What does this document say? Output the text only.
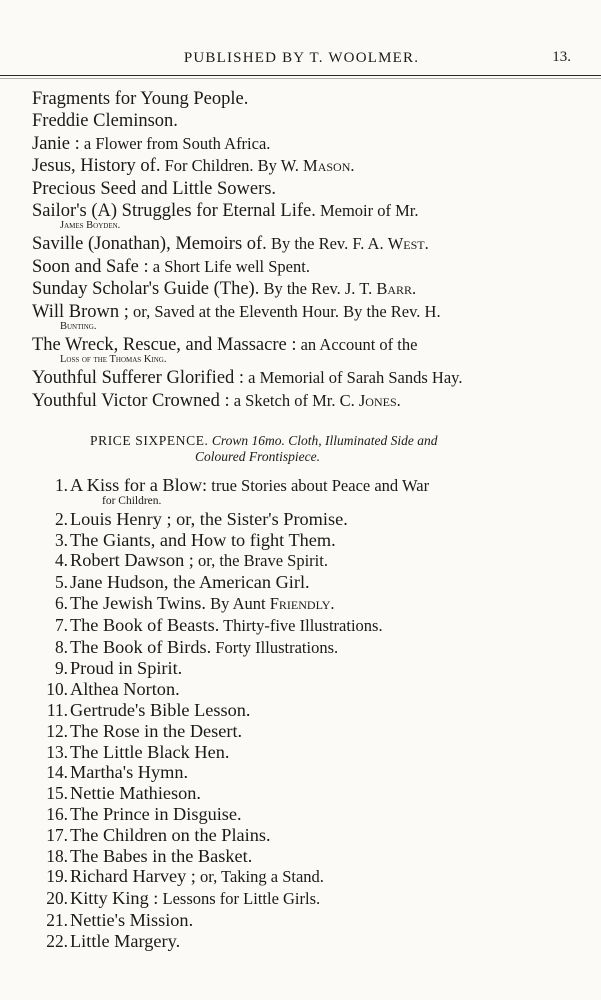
PUBLISHED BY T. WOOLMER.	13.
Fragments for Young People.
Freddie Cleminson.
Janie : a Flower from South Africa.
Jesus, History of. For Children. By W. Mason.
Precious Seed and Little Sowers.
Sailor's (A) Struggles for Eternal Life. Memoir of Mr.
James Boyden.
Saville (Jonathan), Memoirs of. By the Rev. F. A. West.
Soon and Safe : a Short Life well Spent.
Sunday Scholar's Guide (The). By the Rev. J. T. Barr.
Will Brown ; or, Saved at the Eleventh Hour. By the Rev. H.
Bunting.
The Wreck, Rescue, and Massacre : an Account of the
Loss of the Thomas King.
Youthful Sufferer Glorified : a Memorial of Sarah Sands Hay.
Youthful Victor Crowned : a Sketch of Mr. C. Jones.
PRICE SIXPENCE. Crown 16mo. Cloth, Illuminated Side and
Coloured Frontispiece.
1. A Kiss for a Blow: true Stories about Peace and War
for Children.
2. Louis Henry ; or, the Sister's Promise.
3. The Giants, and How to fight Them.
4. Robert Dawson ; or, the Brave Spirit.
5. Jane Hudson, the American Girl.
6. The Jewish Twins. By Aunt Friendly.
7. The Book of Beasts. Thirty-five Illustrations.
8. The Book of Birds. Forty Illustrations.
9. Proud in Spirit.
10. Althea Norton.
11. Gertrude's Bible Lesson.
12. The Rose in the Desert.
13. The Little Black Hen.
14. Martha's Hymn.
15. Nettie Mathieson.
16. The Prince in Disguise.
17. The Children on the Plains.
18. The Babes in the Basket.
19. Richard Harvey ; or, Taking a Stand.
20. Kitty King : Lessons for Little Girls.
21. Nettie's Mission.
22. Little Margery.
